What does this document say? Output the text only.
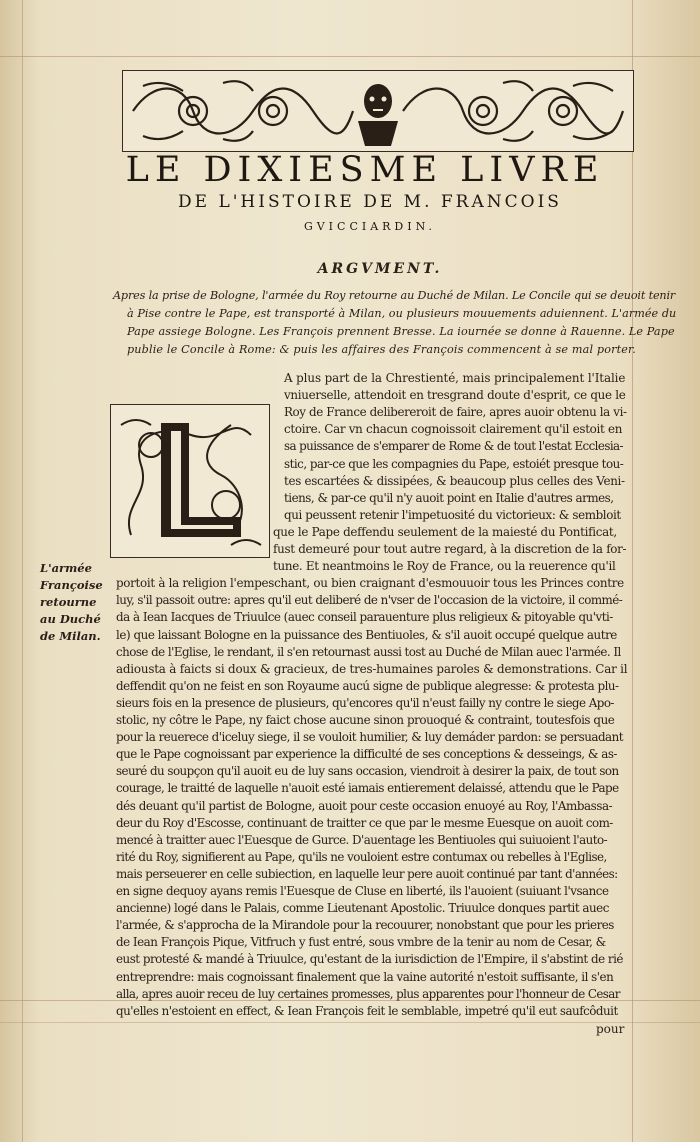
LE DIXIESME LIVRE
DE L'HISTOIRE DE M. FRANCOIS
GVICCIARDIN.
ARGVMENT.
Apres la prise de Bologne, l'armée du Roy retourne au Duché de Milan. Le Concile qui se deuoit tenir
à Pise contre le Pape, est transporté à Milan, ou plusieurs mouuements aduiennent. L'armée du
Pape assiege Bologne. Les François prennent Bresse. La iournée se donne à Rauenne. Le Pape
publie le Concile à Rome: & puis les affaires des François commencent à se mal porter.
A plus part de la Chrestienté, mais principalement l'Italie
vniuerselle, attendoit en tresgrand doute d'esprit, ce que le
Roy de France delibereroit de faire, apres auoir obtenu la vi-
ctoire. Car vn chacun cognoissoit clairement qu'il estoit en
sa puissance de s'emparer de Rome & de tout l'estat Ecclesia-
stic, par-ce que les compagnies du Pape, estoiét presque tou-
tes escartées & dissipées, & beaucoup plus celles des Veni-
tiens, & par-ce qu'il n'y auoit point en Italie d'autres armes,
qui peussent retenir l'impetuosité du victorieux: & sembloit
que le Pape deffendu seulement de la maiesté du Pontificat,
fust demeuré pour tout autre regard, à la discretion de la for-
tune. Et neantmoins le Roy de France, ou la reuerence qu'il
portoit à la religion l'empeschant, ou bien craignant d'esmouuoir tous les Princes contre
luy, s'il passoit outre: apres qu'il eut deliberé de n'vser de l'occasion de la victoire, il commé-
da à Iean Iacques de Triuulce (auec conseil parauenture plus religieux & pitoyable qu'vti-
le) que laissant Bologne en la puissance des Bentiuoles, & s'il auoit occupé quelque autre
chose de l'Eglise, le rendant, il s'en retournast aussi tost au Duché de Milan auec l'armée. Il
adiousta à faicts si doux & gracieux, de tres-humaines paroles & demonstrations. Car il
deffendit qu'on ne feist en son Royaume aucú signe de publique alegresse: & protesta plu-
sieurs fois en la presence de plusieurs, qu'encores qu'il n'eust failly ny contre le siege Apo-
stolic, ny côtre le Pape, ny faict chose aucune sinon prouoqué & contraint, toutesfois que
pour la reuerece d'iceluy siege, il se vouloit humilier, & luy demáder pardon: se persuadant
que le Pape cognoissant par experience la difficulté de ses conceptions & desseings, & as-
seuré du soupçon qu'il auoit eu de luy sans occasion, viendroit à desirer la paix, de tout son
courage, le traitté de laquelle n'auoit esté iamais entierement delaissé, attendu que le Pape
dés deuant qu'il partist de Bologne, auoit pour ceste occasion enuoyé au Roy, l'Ambassa-
deur du Roy d'Escosse, continuant de traitter ce que par le mesme Euesque on auoit com-
mencé à traitter auec l'Euesque de Gurce. D'auentage les Bentiuoles qui suiuoient l'auto-
rité du Roy, signifierent au Pape, qu'ils ne vouloient estre contumax ou rebelles à l'Eglise,
mais perseuerer en celle subiection, en laquelle leur pere auoit continué par tant d'années:
en signe dequoy ayans remis l'Euesque de Cluse en liberté, ils l'auoient (suiuant l'vsance
ancienne) logé dans le Palais, comme Lieutenant Apostolic. Triuulce donques partit auec
l'armée, & s'approcha de la Mirandole pour la recouurer, nonobstant que pour les prieres
de Iean François Pique, Vitfruch y fust entré, sous vmbre de la tenir au nom de Cesar, &
eust protesté & mandé à Triuulce, qu'estant de la iurisdiction de l'Empire, il s'abstint de rié
entreprendre: mais cognoissant finalement que la vaine autorité n'estoit suffisante, il s'en
alla, apres auoir receu de luy certaines promesses, plus apparentes pour l'honneur de Cesar
qu'elles n'estoient en effect, & Iean François feit le semblable, impetré qu'il eut saufcôduit
pour
L'armée
Françoise
retourne
au Duché
de Milan.
